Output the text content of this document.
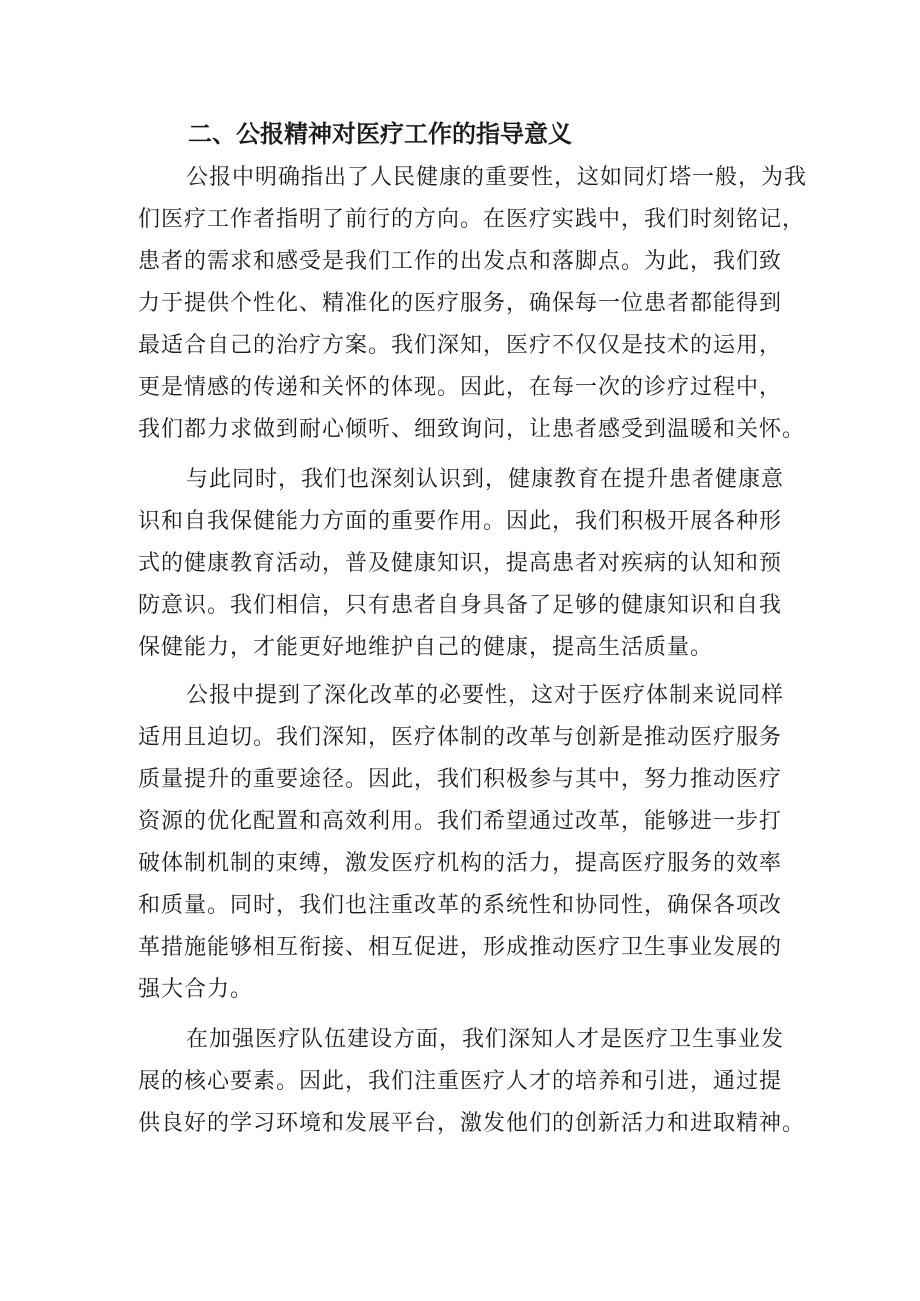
二、公报精神对医疗工作的指导意义

公报中明确指出了人民健康的重要性，这如同灯塔一般，为我

们医疗工作者指明了前行的方向。在医疗实践中，我们时刻铭记，

患者的需求和感受是我们工作的出发点和落脚点。为此，我们致

力于提供个性化、精准化的医疗服务，确保每一位患者都能得到

最适合自己的治疗方案。我们深知，医疗不仅仅是技术的运用，

更是情感的传递和关怀的体现。因此，在每一次的诊疗过程中，

我们都力求做到耐心倾听、细致询问，让患者感受到温暖和关怀。

与此同时，我们也深刻认识到，健康教育在提升患者健康意

识和自我保健能力方面的重要作用。因此，我们积极开展各种形

式的健康教育活动，普及健康知识，提高患者对疾病的认知和预

防意识。我们相信，只有患者自身具备了足够的健康知识和自我

保健能力，才能更好地维护自己的健康，提高生活质量。

公报中提到了深化改革的必要性，这对于医疗体制来说同样

适用且迫切。我们深知，医疗体制的改革与创新是推动医疗服务

质量提升的重要途径。因此，我们积极参与其中，努力推动医疗

资源的优化配置和高效利用。我们希望通过改革，能够进一步打

破体制机制的束缚，激发医疗机构的活力，提高医疗服务的效率

和质量。同时，我们也注重改革的系统性和协同性，确保各项改

革措施能够相互衔接、相互促进，形成推动医疗卫生事业发展的

强大合力。

在加强医疗队伍建设方面，我们深知人才是医疗卫生事业发

展的核心要素。因此，我们注重医疗人才的培养和引进，通过提

供良好的学习环境和发展平台，激发他们的创新活力和进取精神。
